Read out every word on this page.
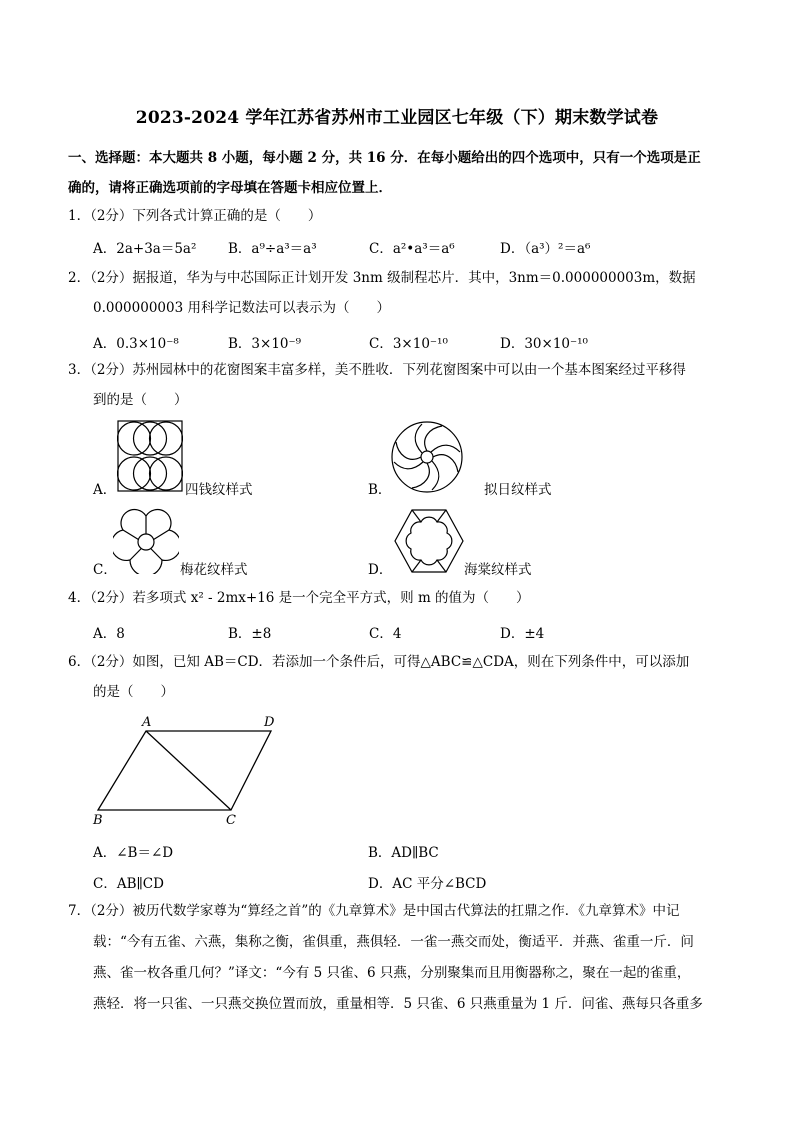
2023-2024 学年江苏省苏州市工业园区七年级（下）期末数学试卷
一、选择题：本大题共 8 小题，每小题 2 分，共 16 分．在每小题给出的四个选项中，只有一个选项是正
确的，请将正确选项前的字母填在答题卡相应位置上．
1．（2分）下列各式计算正确的是（　　）
A．2a+3a＝5a² B．a⁹÷a³＝a³	C．a²•a³＝a⁶	D．（a³）²＝a⁶
2．（2分）据报道，华为与中芯国际正计划开发 3nm 级制程芯片．其中，3nm＝0.000000003m，数据
0.000000003 用科学记数法可以表示为（　　）
A．0.3×10⁻⁸	B．3×10⁻⁹	C．3×10⁻¹⁰	D．30×10⁻¹⁰
3．（2分）苏州园林中的花窗图案丰富多样，美不胜收．下列花窗图案中可以由一个基本图案经过平移得
到的是（　　）
A．	四钱纹样式	B．	拟日纹样式
C．	梅花纹样式	D．	海棠纹样式
4．（2分）若多项式 x² - 2mx+16 是一个完全平方式，则 m 的值为（　　）
A．8	B．±8	C．4	D．±4
6．（2分）如图，已知 AB＝CD．若添加一个条件后，可得△ABC≌△CDA，则在下列条件中，可以添加
的是（　　）
A	D
B	C
A．∠B＝∠D	B．AD∥BC
C．AB∥CD	D．AC 平分∠BCD
7．（2分）被历代数学家尊为“算经之首”的《九章算术》是中国古代算法的扛鼎之作．《九章算术》中记
载：“今有五雀、六燕，集称之衡，雀俱重，燕俱轻．一雀一燕交而处，衡适平．并燕、雀重一斤．问
燕、雀一枚各重几何？”译文：“今有 5 只雀、6 只燕，分别聚集而且用衡器称之，聚在一起的雀重，
燕轻．将一只雀、一只燕交换位置而放，重量相等．5 只雀、6 只燕重量为 1 斤．问雀、燕每只各重多
